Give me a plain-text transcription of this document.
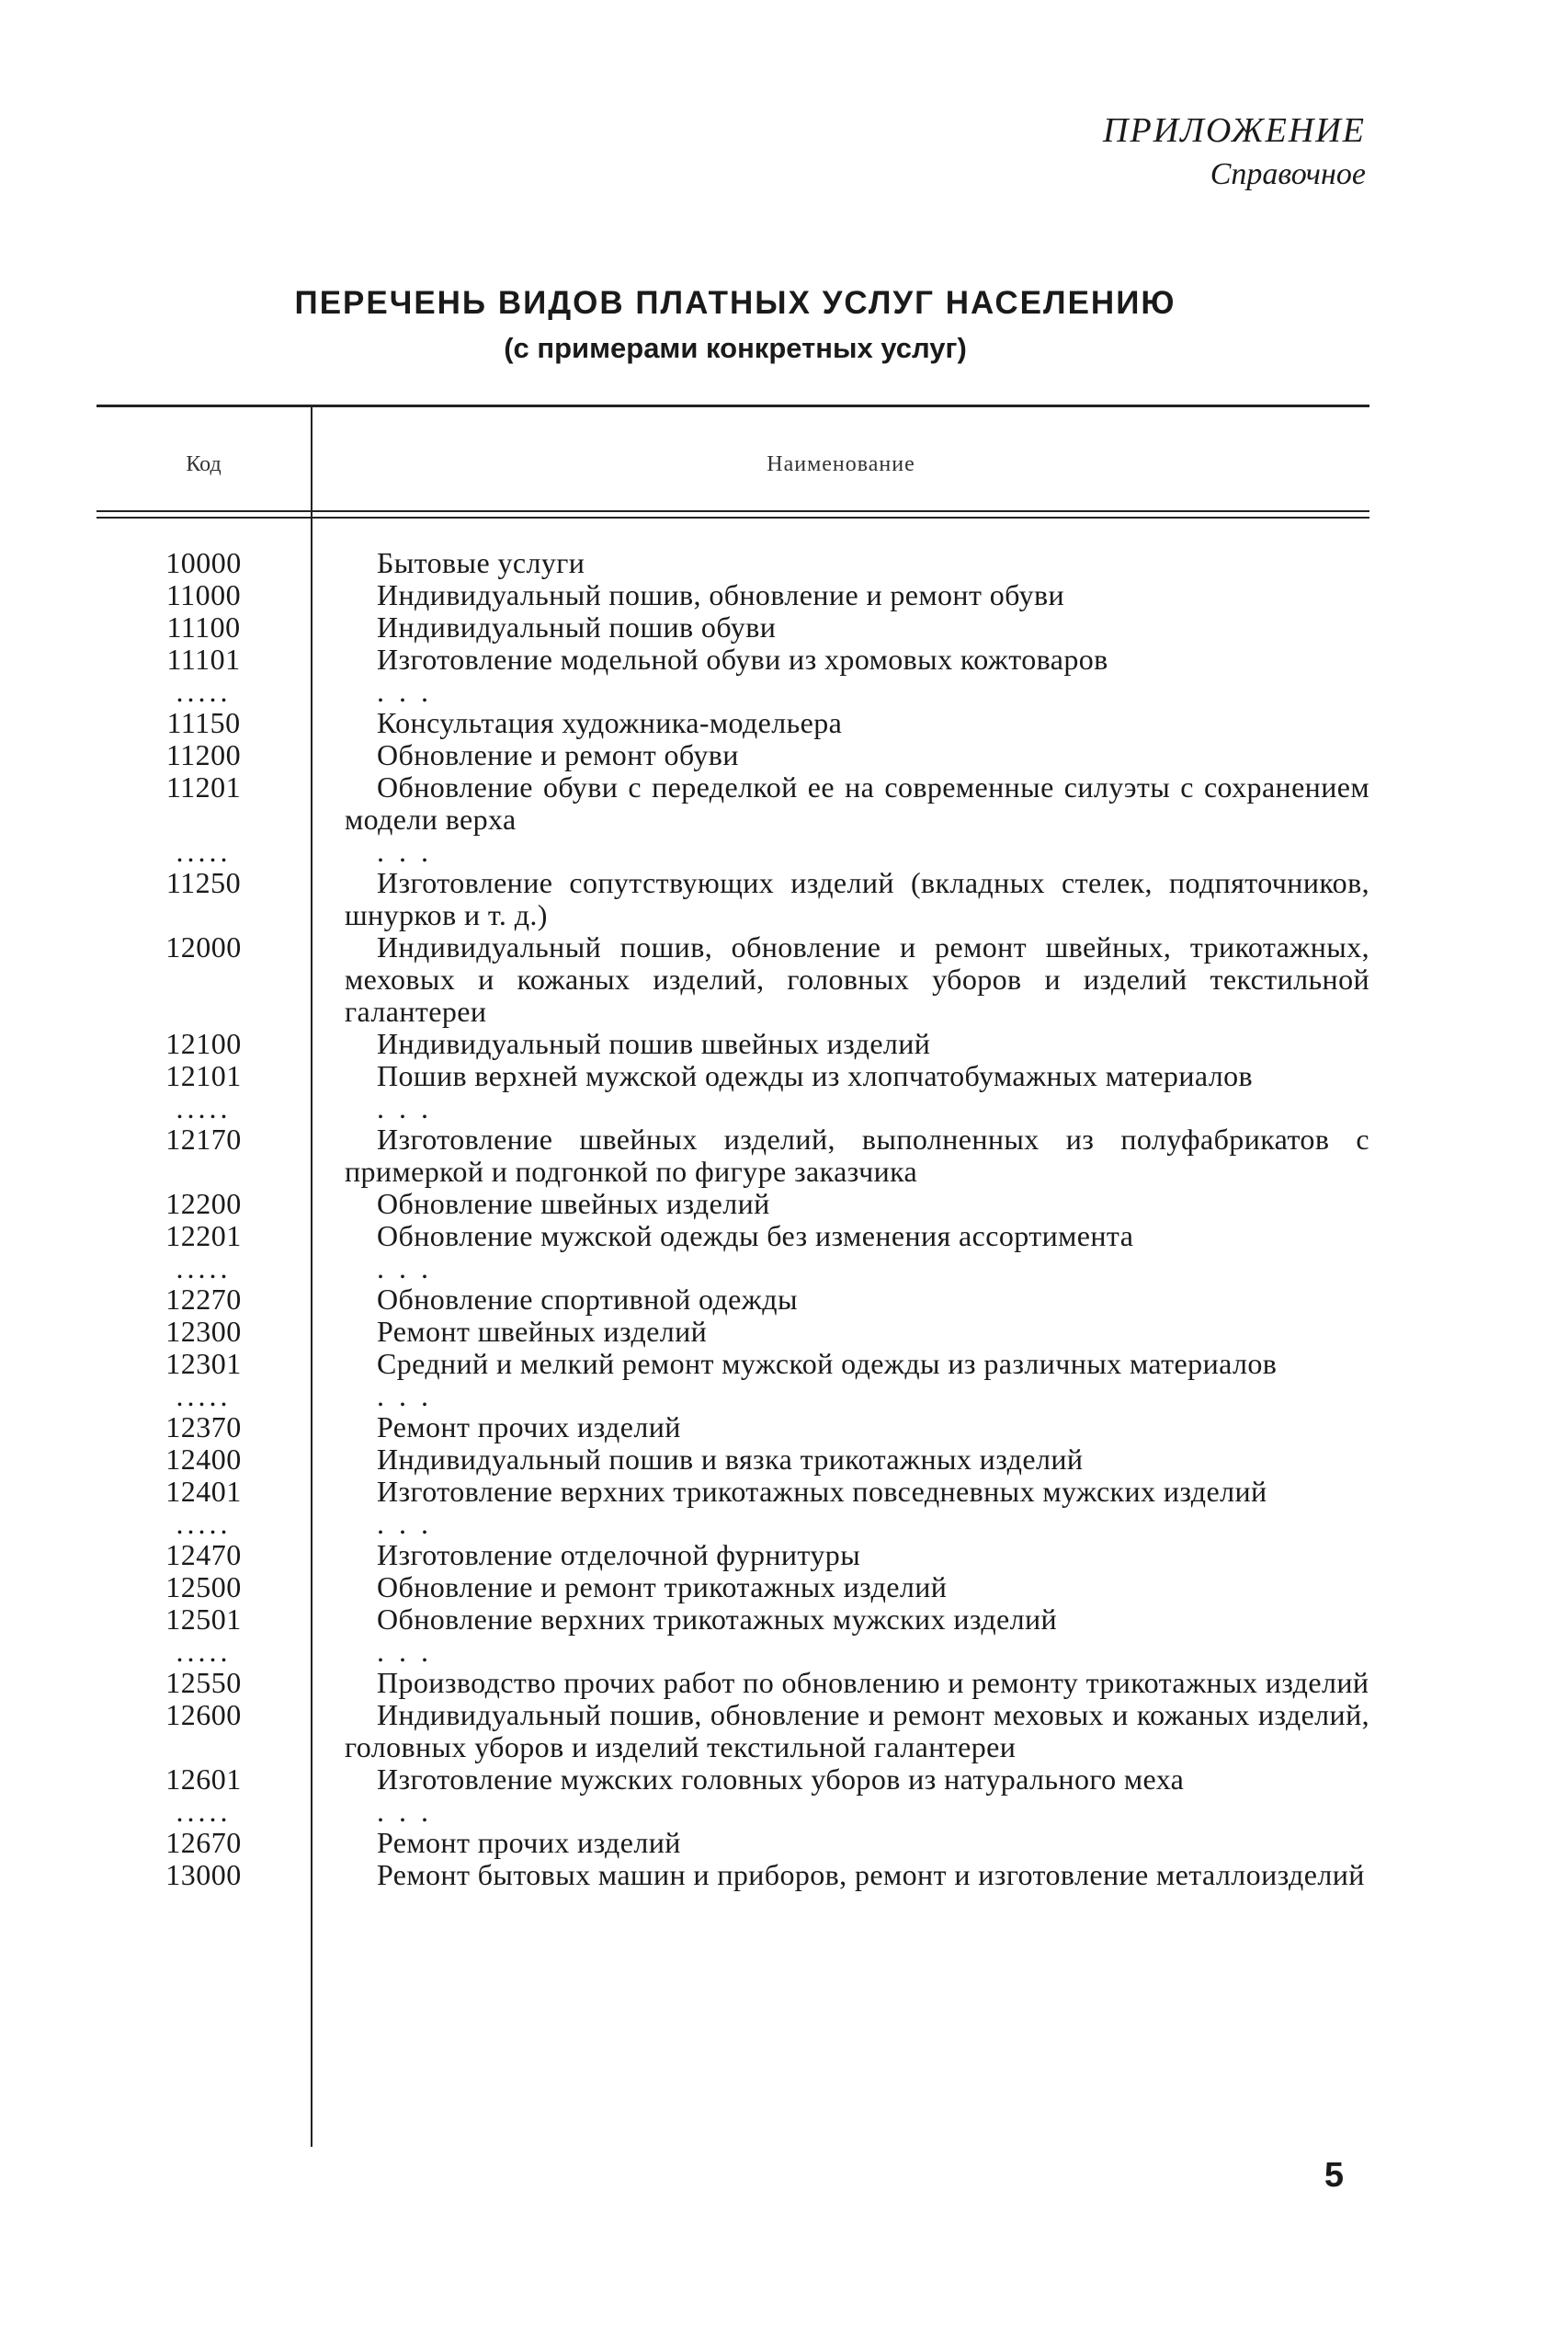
ПРИЛОЖЕНИЕ
Справочное
ПЕРЕЧЕНЬ ВИДОВ ПЛАТНЫХ УСЛУГ НАСЕЛЕНИЮ
(с примерами конкретных услуг)
Код	Наименование
10000	Бытовые услуги
11000	Индивидуальный пошив, обновление и ремонт обуви
11100	Индивидуальный пошив обуви
11101	Изготовление модельной обуви из хромовых кожтоваров
.....	. . .
11150	Консультация художника-модельера
11200	Обновление и ремонт обуви
11201	Обновление обуви с переделкой ее на современные силуэты с сохранением модели верха
.....	. . .
11250	Изготовление сопутствующих изделий (вкладных стелек, подпяточников, шнурков и т. д.)
12000	Индивидуальный пошив, обновление и ремонт швейных, трикотажных, меховых и кожаных изделий, головных уборов и изделий текстильной галантереи
12100	Индивидуальный пошив швейных изделий
12101	Пошив верхней мужской одежды из хлопчатобумажных материалов
.....	. . .
12170	Изготовление швейных изделий, выполненных из полуфабрикатов с примеркой и подгонкой по фигуре заказчика
12200	Обновление швейных изделий
12201	Обновление мужской одежды без изменения ассортимента
.....	. . .
12270	Обновление спортивной одежды
12300	Ремонт швейных изделий
12301	Средний и мелкий ремонт мужской одежды из различных материалов
.....	. . .
12370	Ремонт прочих изделий
12400	Индивидуальный пошив и вязка трикотажных изделий
12401	Изготовление верхних трикотажных повседневных мужских изделий
.....	. . .
12470	Изготовление отделочной фурнитуры
12500	Обновление и ремонт трикотажных изделий
12501	Обновление верхних трикотажных мужских изделий
.....	. . .
12550	Производство прочих работ по обновлению и ремонту трикотажных изделий
12600	Индивидуальный пошив, обновление и ремонт меховых и кожаных изделий, головных уборов и изделий текстильной галантереи
12601	Изготовление мужских головных уборов из натурального меха
.....	. . .
12670	Ремонт прочих изделий
13000	Ремонт бытовых машин и приборов, ремонт и изготовление металлоизделий
5
